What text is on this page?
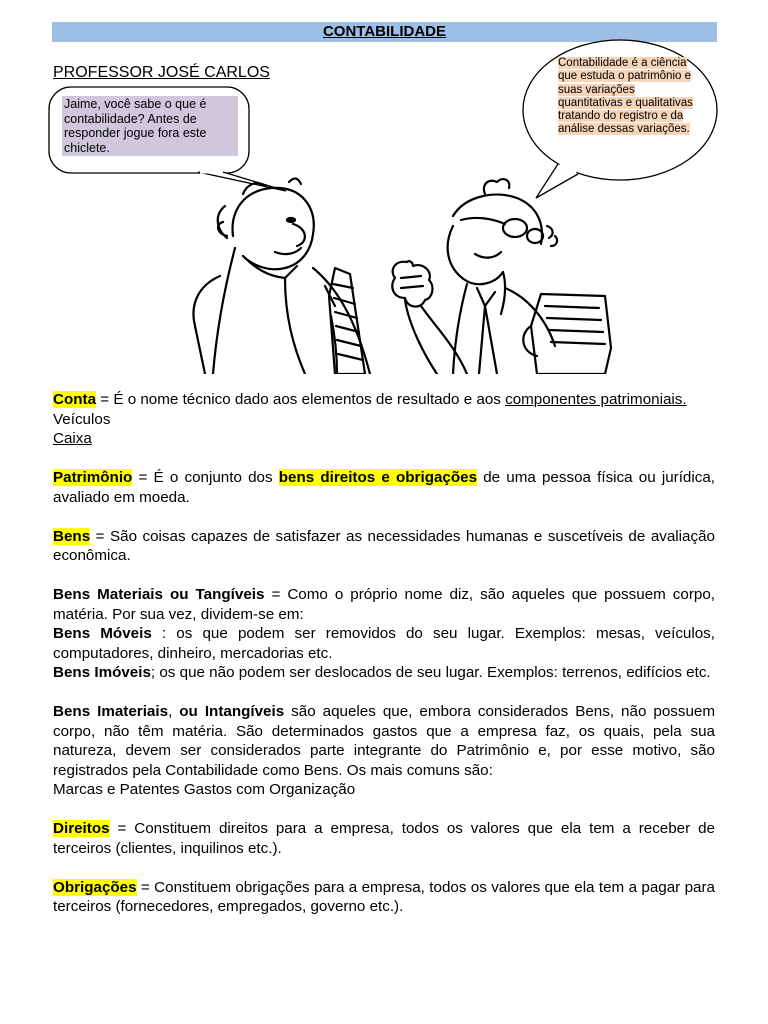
CONTABILIDADE
PROFESSOR JOSÉ CARLOS
Jaime, você sabe o que é contabilidade? Antes de responder jogue fora este chiclete.
Contabilidade é a ciência que estuda o patrimônio e suas variações quantitativas e qualitativas tratando do registro e da análise dessas variações.

Conta = É o nome técnico dado aos elementos de resultado e aos componentes patrimoniais.

Veículos

Caixa

Patrimônio = É o conjunto dos bens direitos e obrigações de uma pessoa física ou jurídica, avaliado em moeda.

Bens = São coisas capazes de satisfazer as necessidades humanas e suscetíveis de avaliação econômica.

Bens Materiais ou Tangíveis = Como o próprio nome diz, são aqueles que possuem corpo, matéria. Por sua vez, dividem-se em:

Bens Móveis : os que podem ser removidos do seu lugar. Exemplos: mesas, veículos, computadores, dinheiro, mercadorias etc.

Bens Imóveis; os que não podem ser deslocados de seu lugar. Exemplos: terrenos, edifícios etc.

Bens Imateriais, ou Intangíveis são aqueles que, embora considerados Bens, não possuem corpo, não têm matéria. São determinados gastos que a empresa faz, os quais, pela sua natureza, devem ser considerados parte integrante do Patrimônio e, por esse motivo, são registrados pela Contabilidade como Bens. Os mais comuns são:

Marcas e Patentes Gastos com Organização

Direitos = Constituem direitos para a empresa, todos os valores que ela tem a receber de terceiros (clientes, inquilinos etc.).

Obrigações = Constituem obrigações para a empresa, todos os valores que ela tem a pagar para terceiros (fornecedores, empregados, governo etc.).
